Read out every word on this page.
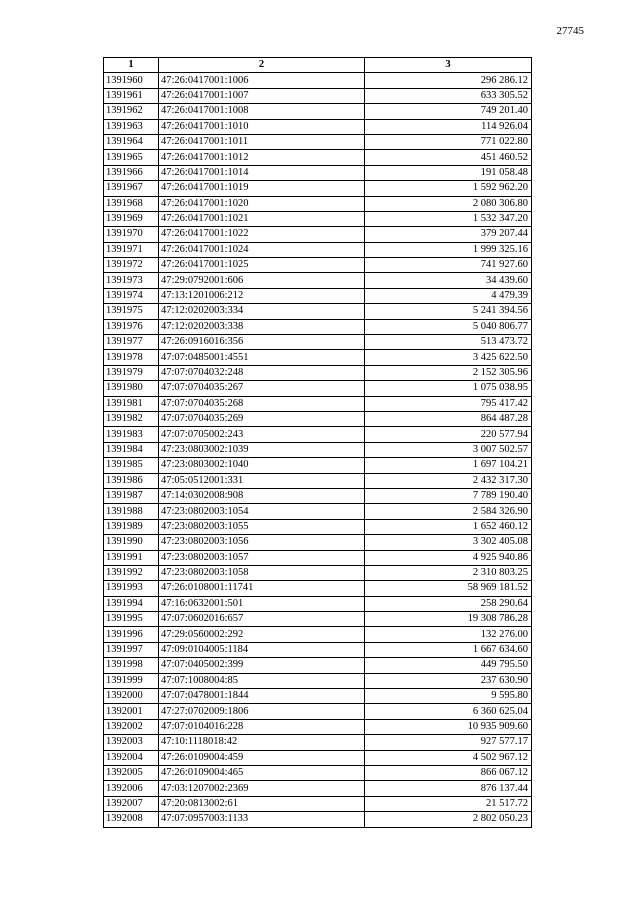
27745
1	2	3
1391960	47:26:0417001:1006	296 286.12
1391961	47:26:0417001:1007	633 305.52
1391962	47:26:0417001:1008	749 201.40
1391963	47:26:0417001:1010	114 926.04
1391964	47:26:0417001:1011	771 022.80
1391965	47:26:0417001:1012	451 460.52
1391966	47:26:0417001:1014	191 058.48
1391967	47:26:0417001:1019	1 592 962.20
1391968	47:26:0417001:1020	2 080 306.80
1391969	47:26:0417001:1021	1 532 347.20
1391970	47:26:0417001:1022	379 207.44
1391971	47:26:0417001:1024	1 999 325.16
1391972	47:26:0417001:1025	741 927.60
1391973	47:29:0792001:606	34 439.60
1391974	47:13:1201006:212	4 479.39
1391975	47:12:0202003:334	5 241 394.56
1391976	47:12:0202003:338	5 040 806.77
1391977	47:26:0916016:356	513 473.72
1391978	47:07:0485001:4551	3 425 622.50
1391979	47:07:0704032:248	2 152 305.96
1391980	47:07:0704035:267	1 075 038.95
1391981	47:07:0704035:268	795 417.42
1391982	47:07:0704035:269	864 487.28
1391983	47:07:0705002:243	220 577.94
1391984	47:23:0803002:1039	3 007 502.57
1391985	47:23:0803002:1040	1 697 104.21
1391986	47:05:0512001:331	2 432 317.30
1391987	47:14:0302008:908	7 789 190.40
1391988	47:23:0802003:1054	2 584 326.90
1391989	47:23:0802003:1055	1 652 460.12
1391990	47:23:0802003:1056	3 302 405.08
1391991	47:23:0802003:1057	4 925 940.86
1391992	47:23:0802003:1058	2 310 803.25
1391993	47:26:0108001:11741	58 969 181.52
1391994	47:16:0632001:501	258 290.64
1391995	47:07:0602016:657	19 308 786.28
1391996	47:29:0560002:292	132 276.00
1391997	47:09:0104005:1184	1 667 634.60
1391998	47:07:0405002:399	449 795.50
1391999	47:07:1008004:85	237 630.90
1392000	47:07:0478001:1844	9 595.80
1392001	47:27:0702009:1806	6 360 625.04
1392002	47:07:0104016:228	10 935 909.60
1392003	47:10:1118018:42	927 577.17
1392004	47:26:0109004:459	4 502 967.12
1392005	47:26:0109004:465	866 067.12
1392006	47:03:1207002:2369	876 137.44
1392007	47:20:0813002:61	21 517.72
1392008	47:07:0957003:1133	2 802 050.23
